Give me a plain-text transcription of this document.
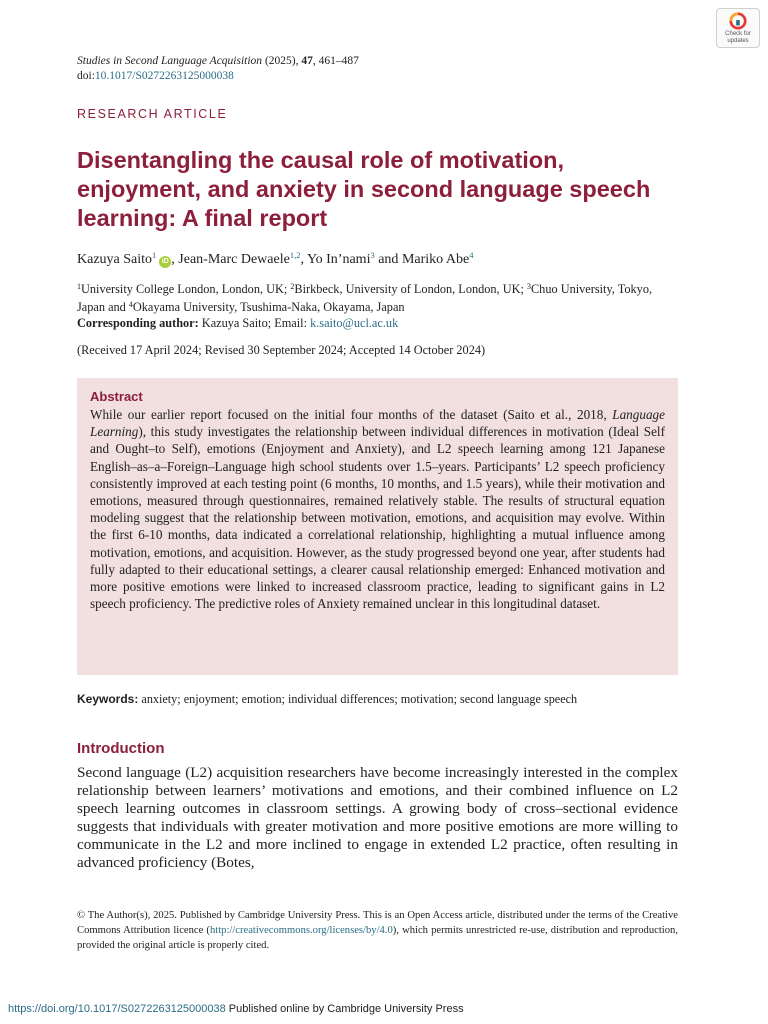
Check for updates
Studies in Second Language Acquisition (2025), 47, 461–487
doi:10.1017/S0272263125000038
RESEARCH ARTICLE
Disentangling the causal role of motivation, enjoyment, and anxiety in second language speech learning: A final report
Kazuya Saito$^1$iD , Jean-Marc Dewaele$^{1,2}$, Yo In’nami$^3$ and Mariko Abe$^4$
$^1$University College London, London, UK; $^2$Birkbeck, University of London, London, UK; $^3$Chuo University, Tokyo, Japan and $^4$Okayama University, Tsushima-Naka, Okayama, Japan
Corresponding author: Kazuya Saito; Email: k.saito@ucl.ac.uk
(Received 17 April 2024; Revised 30 September 2024; Accepted 14 October 2024)
Abstract

While our earlier report focused on the initial four months of the dataset (Saito et al., 2018, Language Learning), this study investigates the relationship between individual differences in motivation (Ideal Self and Ought–to Self), emotions (Enjoyment and Anxiety), and L2 speech learning among 121 Japanese English–as–a–Foreign–Language high school students over 1.5–years. Participants’ L2 speech proficiency consistently improved at each testing point (6 months, 10 months, and 1.5 years), while their motivation and emotions, measured through questionnaires, remained relatively stable. The results of structural equation modeling suggest that the relationship between motivation, emotions, and acquisition may evolve. Within the first 6-10 months, data indicated a correlational relationship, highlighting a mutual influence among motivation, emotions, and acquisition. However, as the study progressed beyond one year, after students had fully adapted to their educational settings, a clearer causal relationship emerged: Enhanced motivation and more positive emotions were linked to increased classroom practice, leading to significant gains in L2 speech proficiency. The predictive roles of Anxiety remained unclear in this longitudinal dataset.

Keywords: anxiety; enjoyment; emotion; individual differences; motivation; second language speech
Introduction

Second language (L2) acquisition researchers have become increasingly interested in the complex relationship between learners’ motivations and emotions, and their combined influence on L2 speech learning outcomes in classroom settings. A growing body of cross–sectional evidence suggests that individuals with greater motivation and more positive emotions are more willing to communicate in the L2 and more inclined to engage in extended L2 practice, often resulting in advanced proficiency (Botes,

© The Author(s), 2025. Published by Cambridge University Press. This is an Open Access article, distributed under the terms of the Creative Commons Attribution licence (http://creativecommons.org/licenses/by/4.0), which permits unrestricted re-use, distribution and reproduction, provided the original article is properly cited.

https://doi.org/10.1017/S0272263125000038 Published online by Cambridge University Press
